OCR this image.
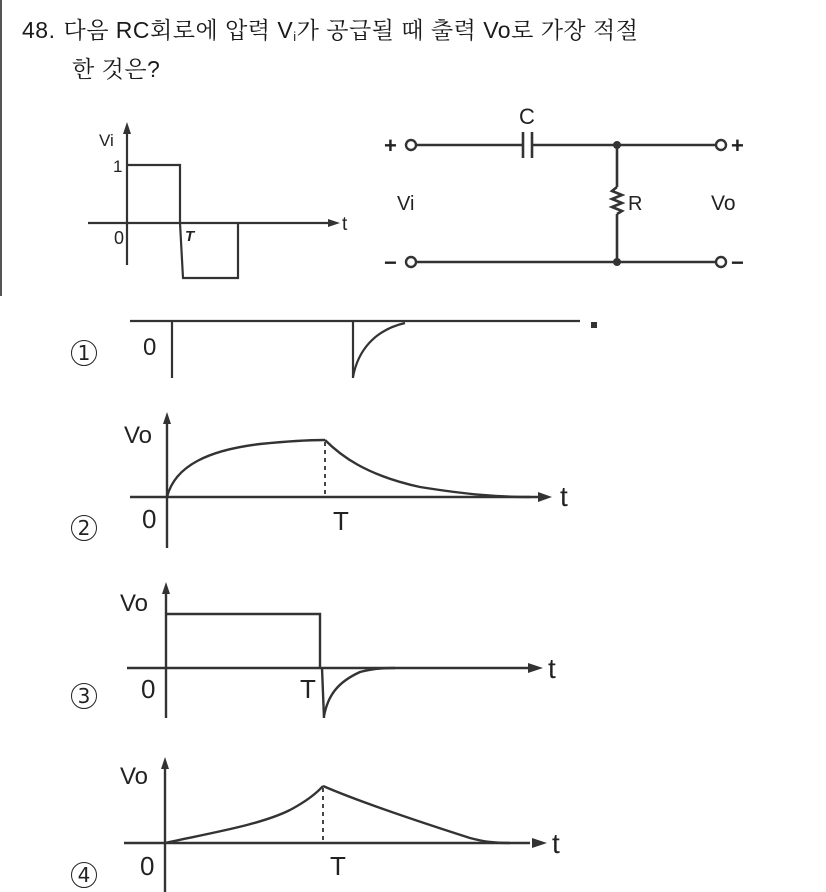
48. 다음 RC회로에 압력 $V_i$가 공급될 때 출력 Vo로 가장 적절
한 것은?
Vi
1
0	T
t
+
−
+
−
C
R
Vi	Vo
1 0
2
Vo
0	T
t
3
Vo
0	T
t
4
Vo
0	T
t
